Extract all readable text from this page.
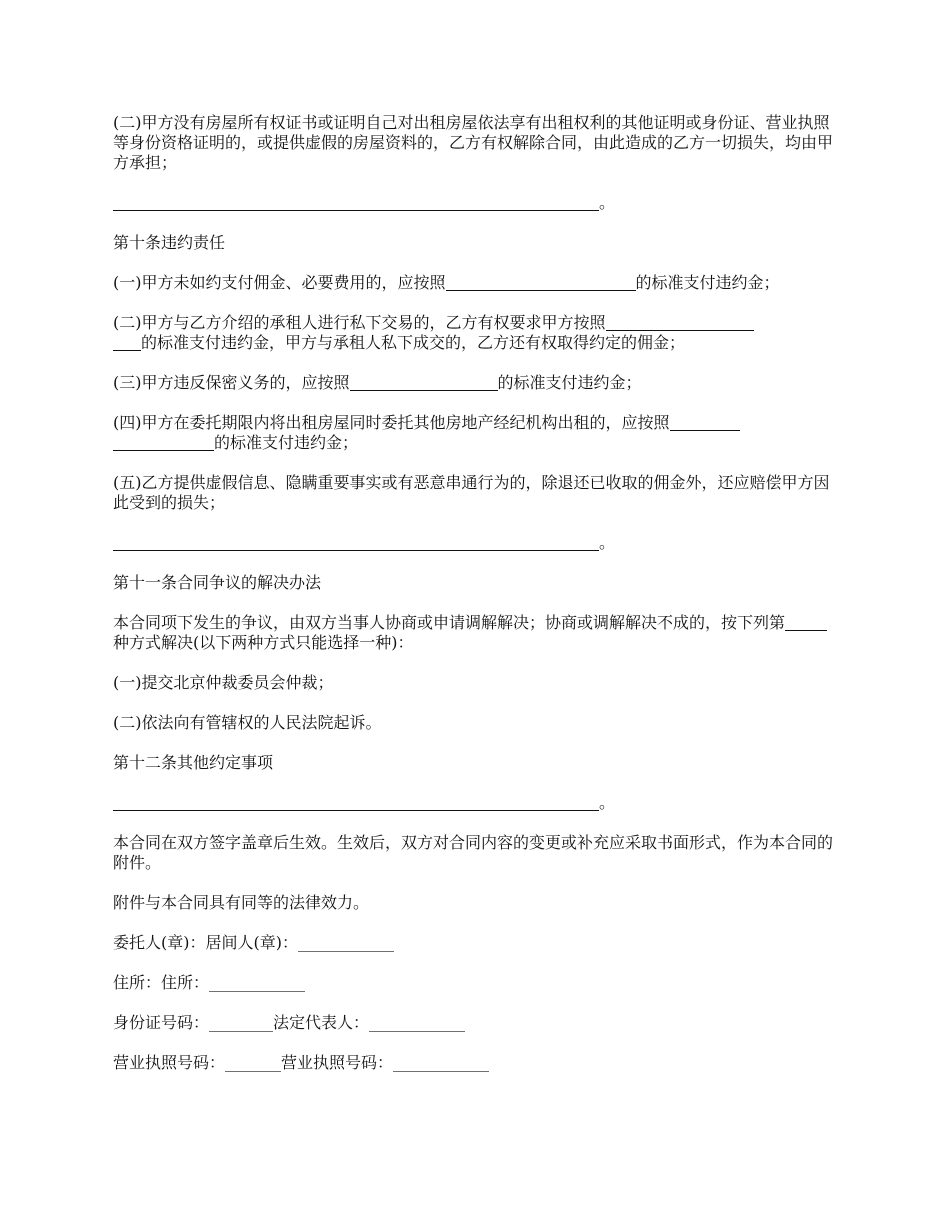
(二)甲方没有房屋所有权证书或证明自己对出租房屋依法享有出租权利的其他证明或身份证、营业执照等身份资格证明的，或提供虚假的房屋资料的，乙方有权解除合同，由此造成的乙方一切损失，均由甲方承担；

。

第十条违约责任

(一)甲方未如约支付佣金、必要费用的，应按照	的标准支付违约金；

(二)甲方与乙方介绍的承租人进行私下交易的，乙方有权要求甲方按照
的标准支付违约金，甲方与承租人私下成交的，乙方还有权取得约定的佣金；

(三)甲方违反保密义务的，应按照	的标准支付违约金；

(四)甲方在委托期限内将出租房屋同时委托其他房地产经纪机构出租的，应按照
的标准支付违约金；

(五)乙方提供虚假信息、隐瞒重要事实或有恶意串通行为的，除退还已收取的佣金外，还应赔偿甲方因此受到的损失；

。

第十一条合同争议的解决办法

本合同项下发生的争议，由双方当事人协商或申请调解解决；协商或调解解决不成的，按下列第种方式解决(以下两种方式只能选择一种)：

(一)提交北京仲裁委员会仲裁；

(二)依法向有管辖权的人民法院起诉。

第十二条其他约定事项

。

本合同在双方签字盖章后生效。生效后，双方对合同内容的变更或补充应采取书面形式，作为本合同的附件。

附件与本合同具有同等的法律效力。

委托人(章)：居间人(章)：____________

住所：住所：____________

身份证号码：________法定代表人：____________

营业执照号码：_______营业执照号码：____________
